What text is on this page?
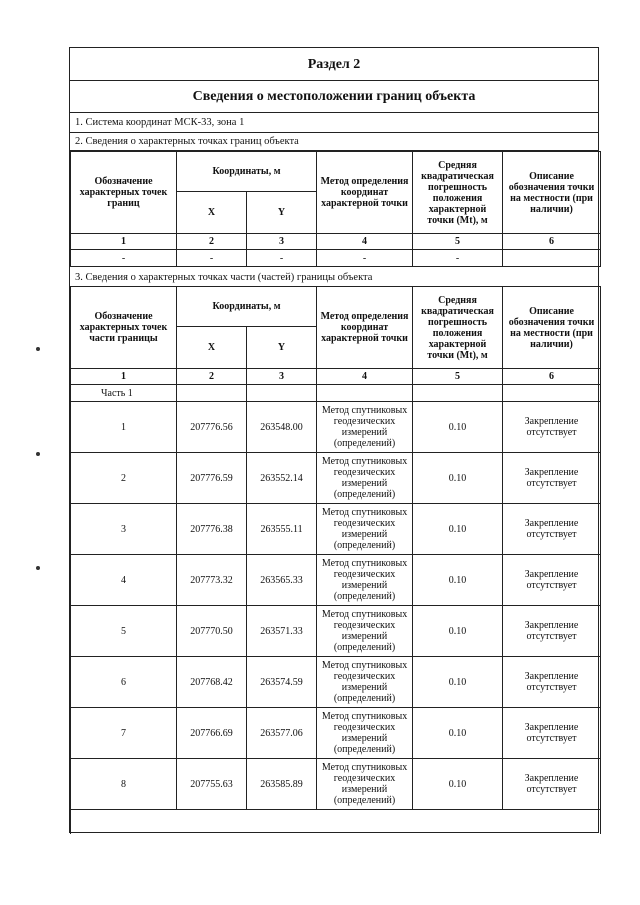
Раздел 2
Сведения о местоположении границ объекта
1. Система координат МСК-33, зона 1
2. Сведения о характерных точках границ объекта
Обозначение характерных точек границ	Координаты, м		Метод определения координат характерной точки	Средняя квадратическая погрешность положения характерной точки (Mt), м	Описание обозначения точки на местности (при наличии)
	X	Y			
1	2	3	4	5	6
-	-	-	-	-	
3. Сведения о характерных точках части (частей) границы объекта
Обозначение характерных точек части границы	Координаты, м		Метод определения координат характерной точки	Средняя квадратическая погрешность положения характерной точки (Mt), м	Описание обозначения точки на местности (при наличии)
	X	Y			
1	2	3	4	5	6
Часть 1					
1	207776.56	263548.00	Метод спутниковых геодезических измерений (определений)	0.10	Закрепление отсутствует
2	207776.59	263552.14	Метод спутниковых геодезических измерений (определений)	0.10	Закрепление отсутствует
3	207776.38	263555.11	Метод спутниковых геодезических измерений (определений)	0.10	Закрепление отсутствует
4	207773.32	263565.33	Метод спутниковых геодезических измерений (определений)	0.10	Закрепление отсутствует
5	207770.50	263571.33	Метод спутниковых геодезических измерений (определений)	0.10	Закрепление отсутствует
6	207768.42	263574.59	Метод спутниковых геодезических измерений (определений)	0.10	Закрепление отсутствует
7	207766.69	263577.06	Метод спутниковых геодезических измерений (определений)	0.10	Закрепление отсутствует
8	207755.63	263585.89	Метод спутниковых геодезических измерений (определений)	0.10	Закрепление отсутствует
